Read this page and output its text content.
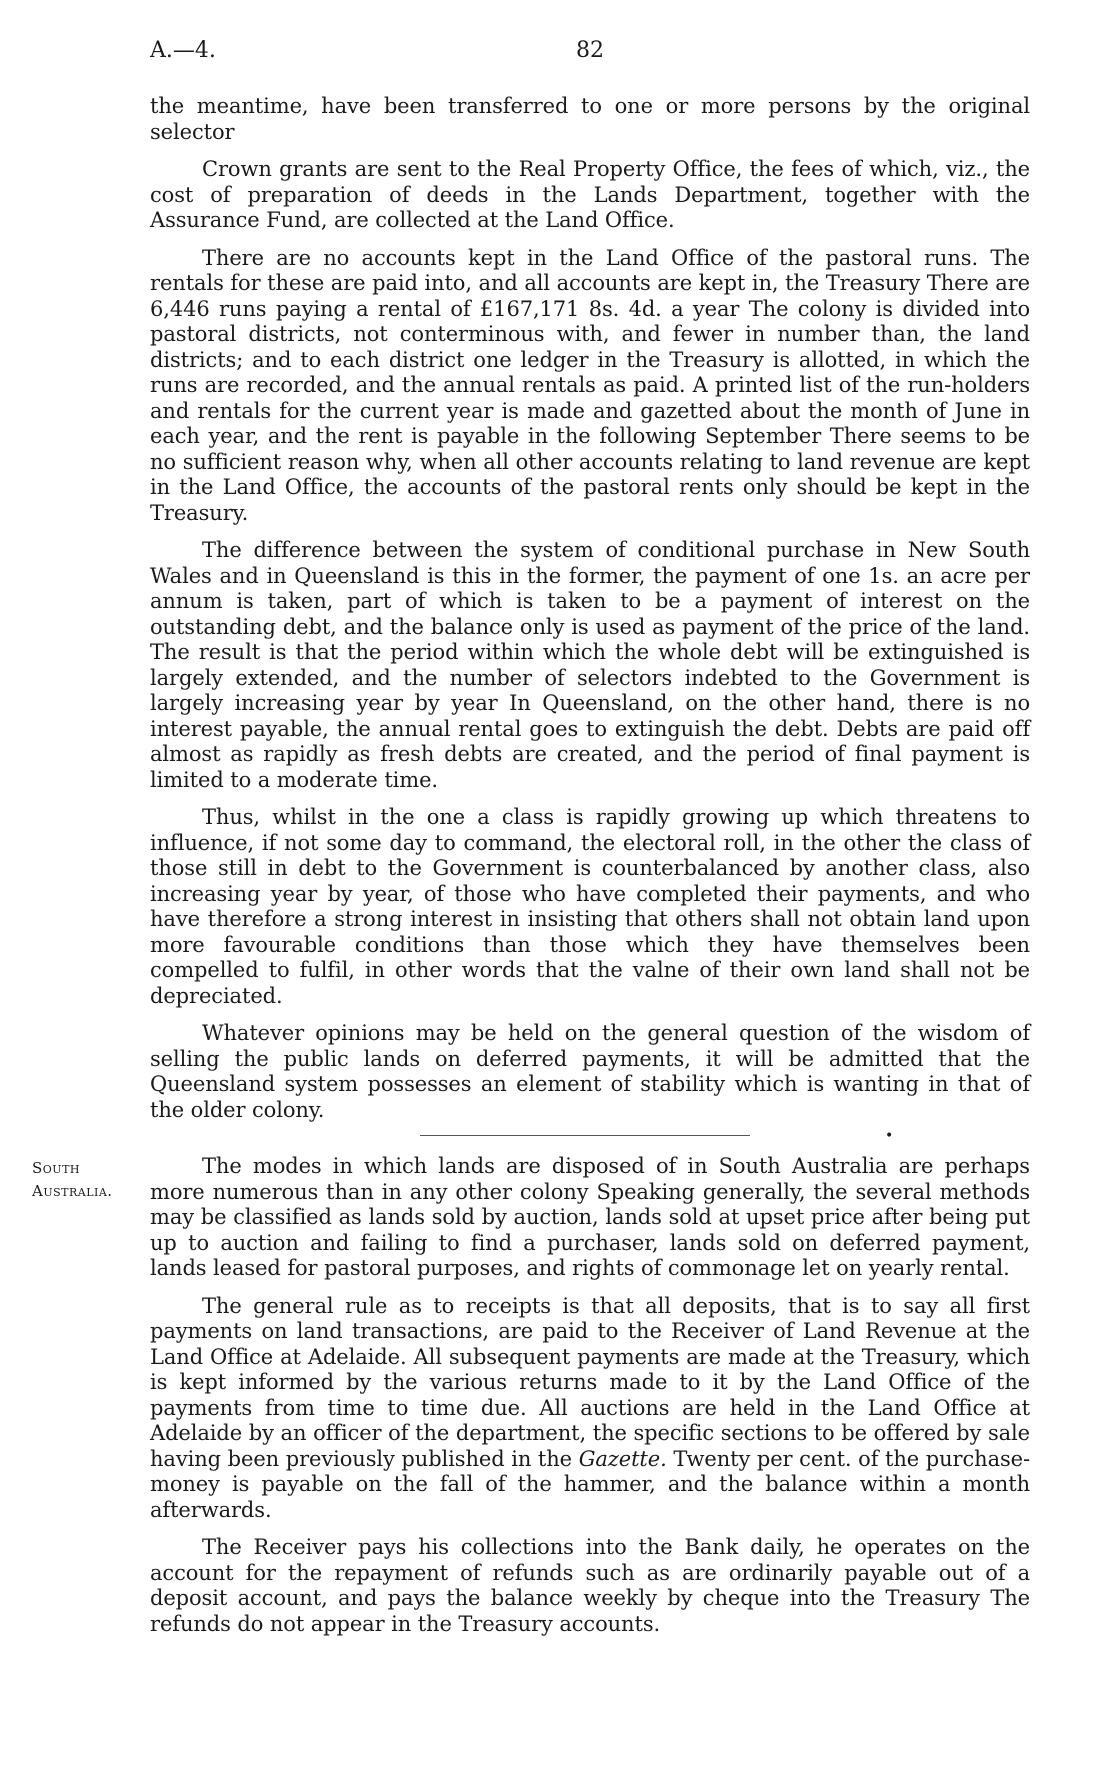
A.—4.	82

the meantime, have been transferred to one or more persons by the original selector

Crown grants are sent to the Real Property Office, the fees of which, viz., the cost of preparation of deeds in the Lands Department, together with the Assurance Fund, are collected at the Land Office.

There are no accounts kept in the Land Office of the pastoral runs. The rentals for these are paid into, and all accounts are kept in, the Treasury There are 6,446 runs paying a rental of £167,171 8s. 4d. a year The colony is divided into pastoral districts, not conterminous with, and fewer in number than, the land districts; and to each district one ledger in the Treasury is allotted, in which the runs are recorded, and the annual rentals as paid. A printed list of the run-holders and rentals for the current year is made and gazetted about the month of June in each year, and the rent is payable in the following September There seems to be no sufficient reason why, when all other accounts relating to land revenue are kept in the Land Office, the accounts of the pastoral rents only should be kept in the Treasury.

The difference between the system of conditional purchase in New South Wales and in Queensland is this in the former, the payment of one 1s. an acre per annum is taken, part of which is taken to be a payment of interest on the outstanding debt, and the balance only is used as payment of the price of the land. The result is that the period within which the whole debt will be extinguished is largely extended, and the number of selectors indebted to the Government is largely increasing year by year In Queensland, on the other hand, there is no interest payable, the annual rental goes to extinguish the debt. Debts are paid off almost as rapidly as fresh debts are created, and the period of final payment is limited to a moderate time.

Thus, whilst in the one a class is rapidly growing up which threatens to influence, if not some day to command, the electoral roll, in the other the class of those still in debt to the Government is counterbalanced by another class, also increasing year by year, of those who have completed their payments, and who have therefore a strong interest in insisting that others shall not obtain land upon more favourable conditions than those which they have themselves been compelled to fulfil, in other words that the valne of their own land shall not be depreciated.

Whatever opinions may be held on the general question of the wisdom of selling the public lands on deferred payments, it will be admitted that the Queensland system possesses an element of stability which is wanting in that of the older colony.

•
South
Australia.

The modes in which lands are disposed of in South Australia are perhaps more numerous than in any other colony Speaking generally, the several methods may be classified as lands sold by auction, lands sold at upset price after being put up to auction and failing to find a purchaser, lands sold on deferred payment, lands leased for pastoral purposes, and rights of commonage let on yearly rental.

The general rule as to receipts is that all deposits, that is to say all first payments on land transactions, are paid to the Receiver of Land Revenue at the Land Office at Adelaide. All subsequent payments are made at the Treasury, which is kept informed by the various returns made to it by the Land Office of the payments from time to time due. All auctions are held in the Land Office at Adelaide by an officer of the department, the specific sections to be offered by sale having been previously published in the Gazette. Twenty per cent. of the purchase-money is payable on the fall of the hammer, and the balance within a month afterwards.

The Receiver pays his collections into the Bank daily, he operates on the account for the repayment of refunds such as are ordinarily payable out of a deposit account, and pays the balance weekly by cheque into the Treasury The refunds do not appear in the Treasury accounts.
